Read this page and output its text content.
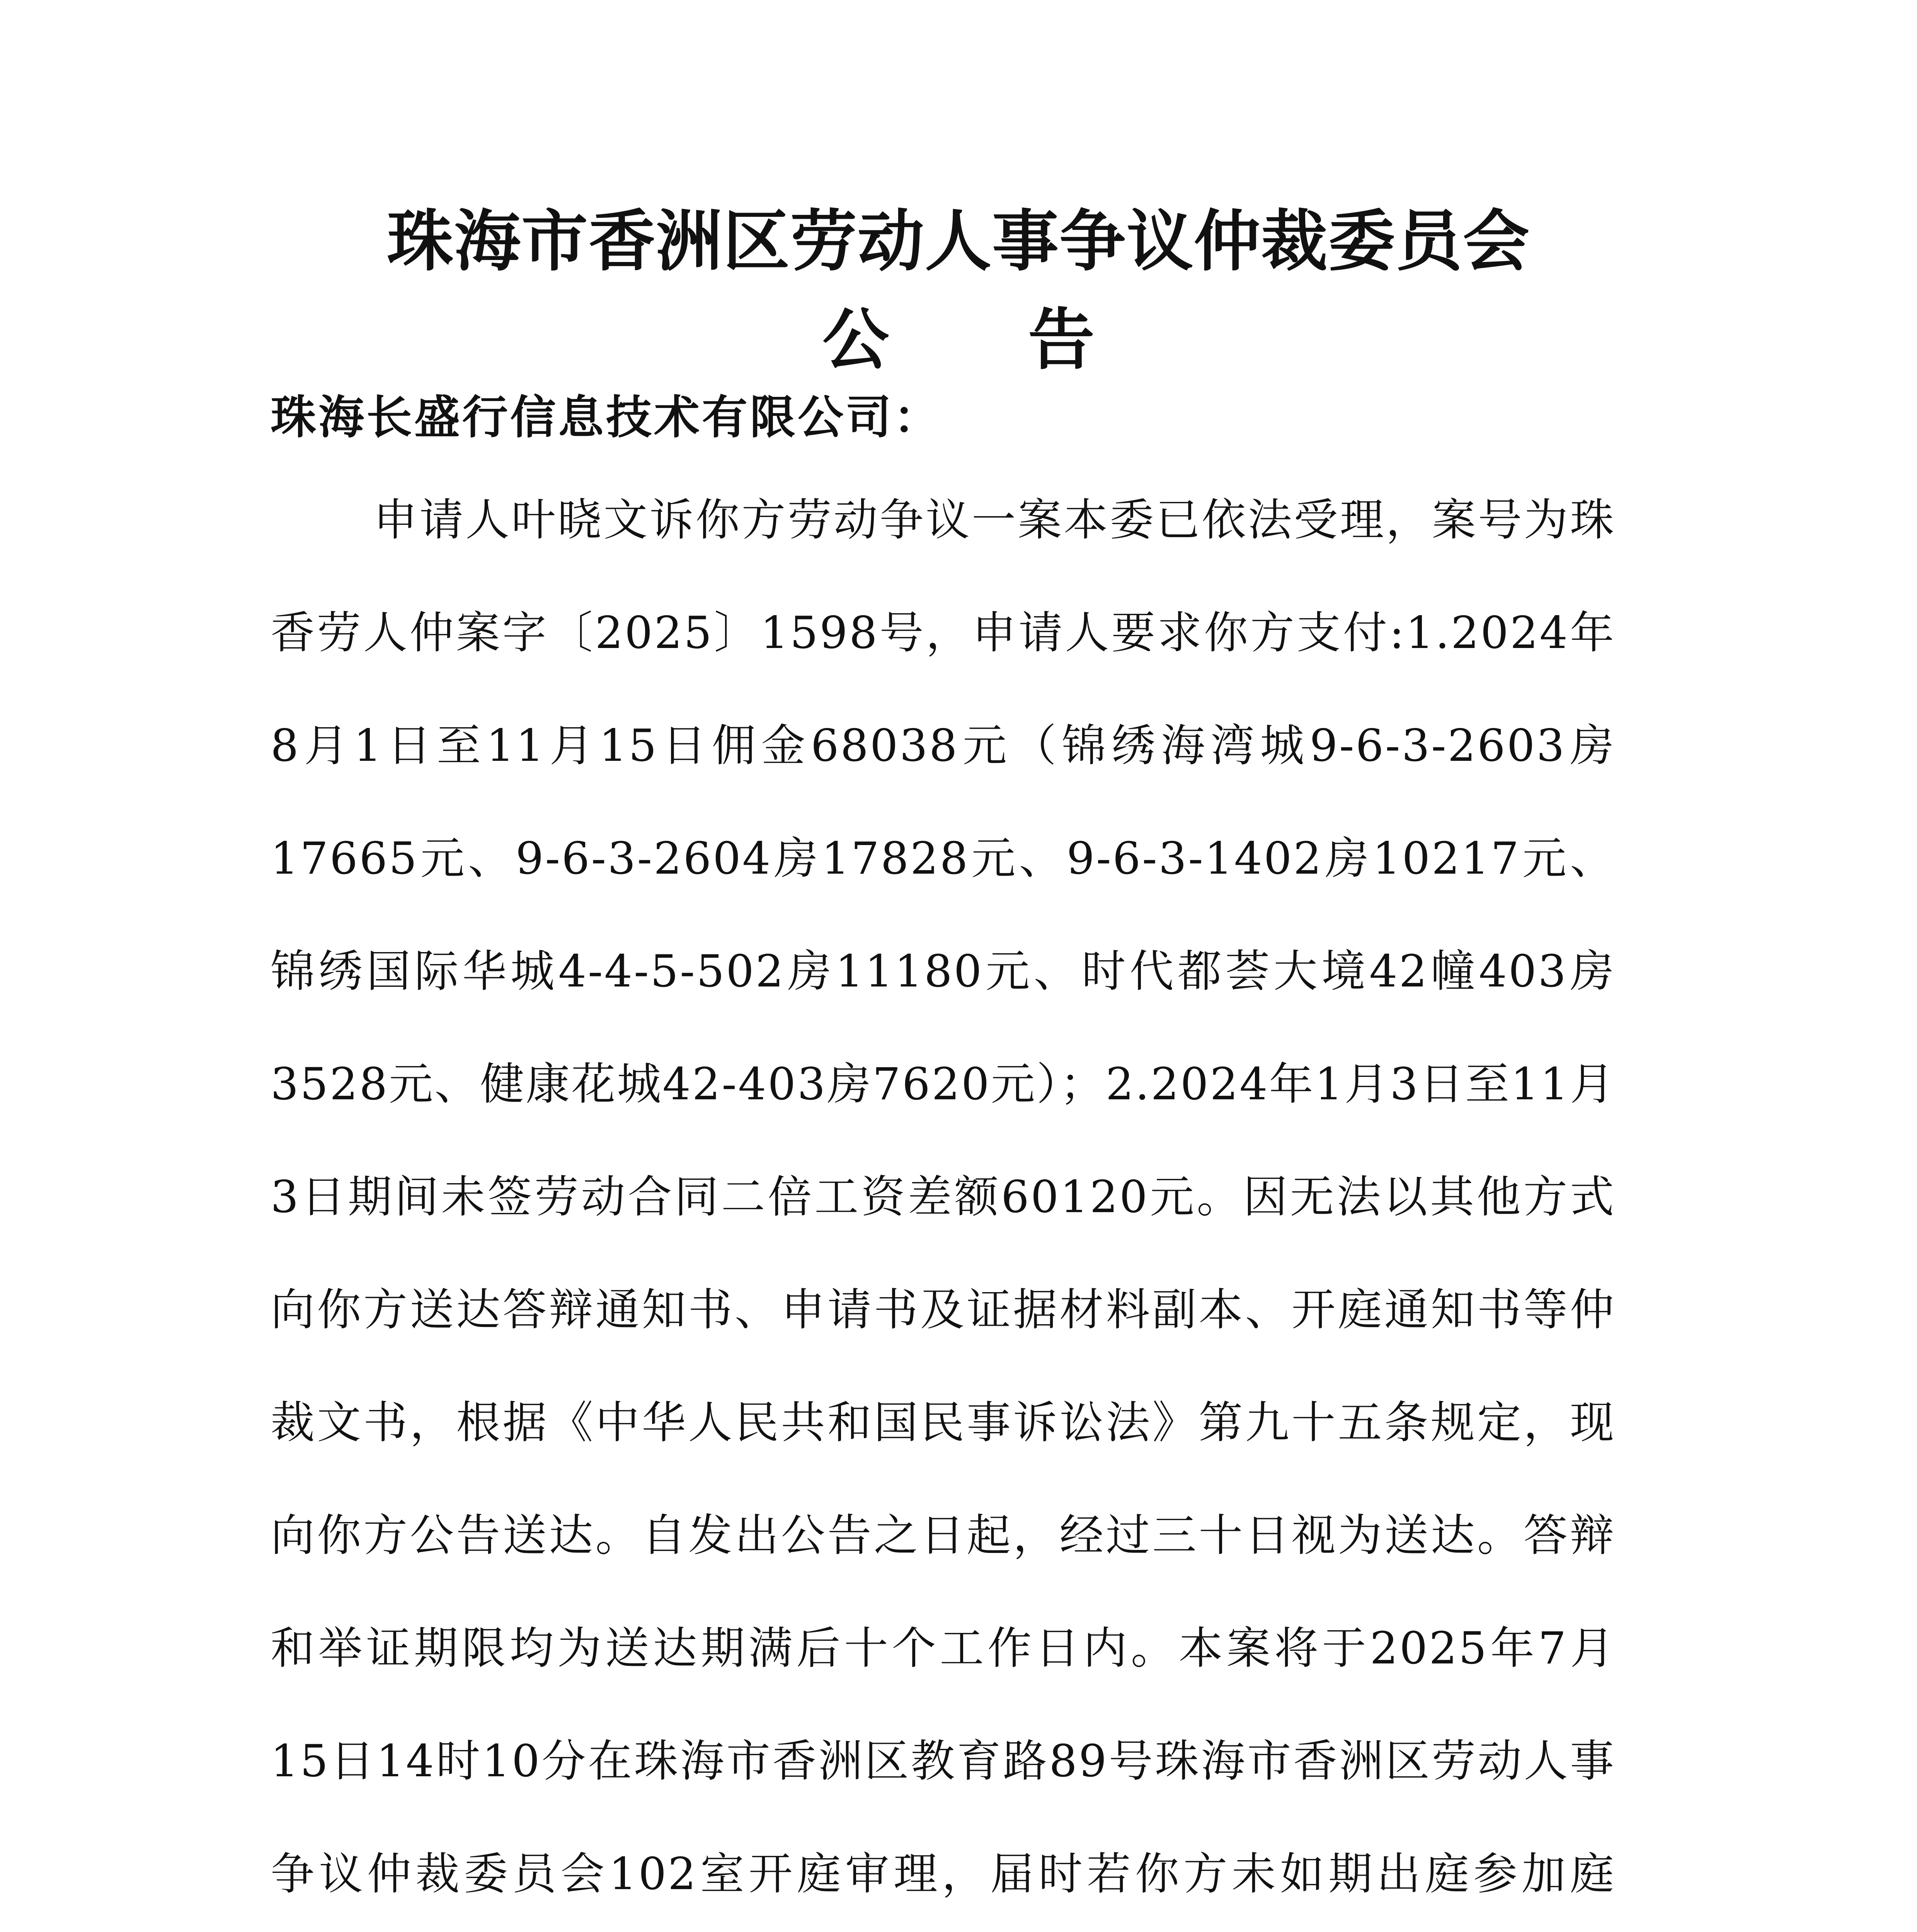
珠海市香洲区劳动人事争议仲裁委员会
公告
珠海长盛行信息技术有限公司：
申请人叶晓文诉你方劳动争议一案本委已依法受理，案号为珠香劳人仲案字〔2025〕1598号，申请人要求你方支付:1.2024年8月1日至11月15日佣金68038元（锦绣海湾城9-6-3-2603房17665元、9-6-3-2604房17828元、9-6-3-1402房10217元、锦绣国际华城4-4-5-502房11180元、时代都荟大境42幢403房3528元、健康花城42-403房7620元）；2.2024年1月3日至11月3日期间未签劳动合同二倍工资差额60120元。因无法以其他方式向你方送达答辩通知书、申请书及证据材料副本、开庭通知书等仲裁文书，根据《中华人民共和国民事诉讼法》第九十五条规定，现向你方公告送达。自发出公告之日起，经过三十日视为送达。答辩和举证期限均为送达期满后十个工作日内。本案将于2025年7月15日14时10分在珠海市香洲区教育路89号珠海市香洲区劳动人事争议仲裁委员会102室开庭审理，届时若你方未如期出庭参加庭
